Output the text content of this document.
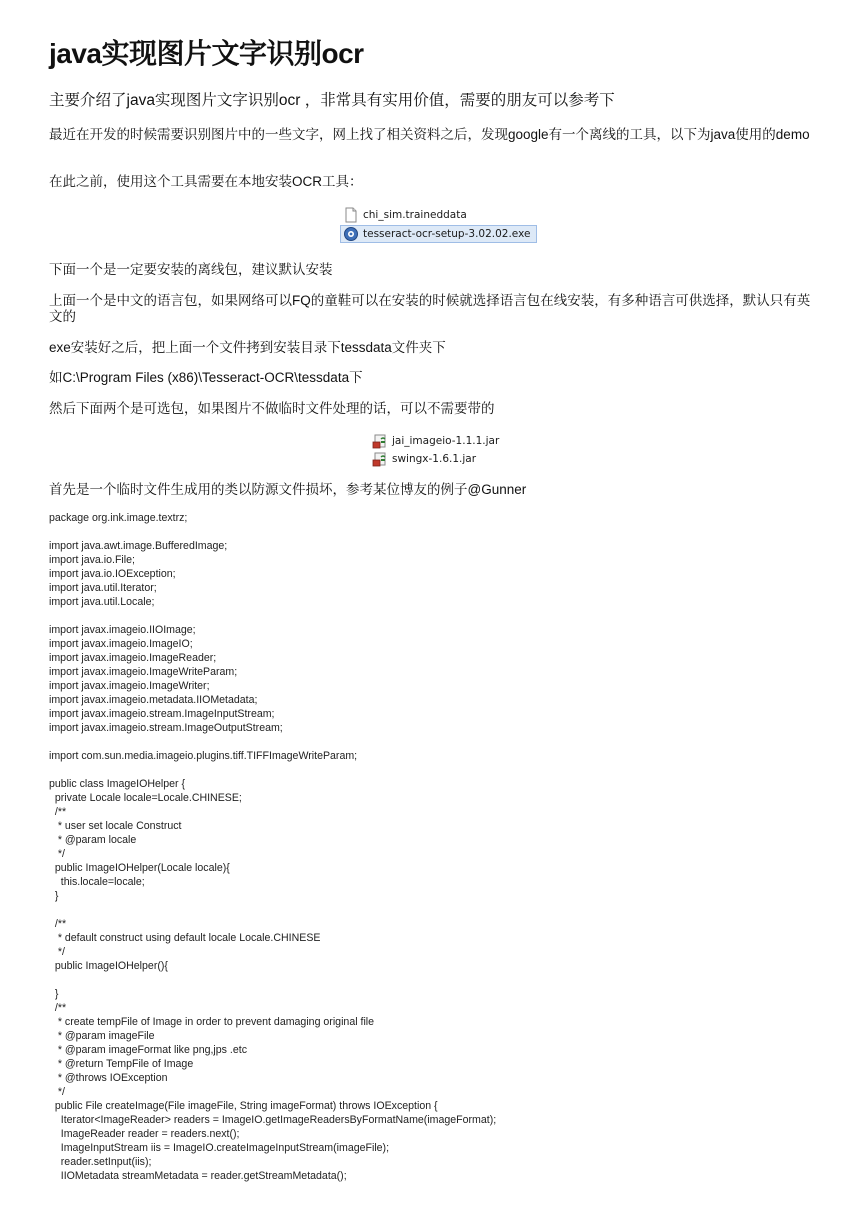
java实现图片文字识别ocr

主要介绍了java实现图片文字识别ocr ，非常具有实用价值，需要的朋友可以参考下

最近在开发的时候需要识别图片中的一些文字，网上找了相关资料之后，发现google有一个离线的工具，以下为java使用的demo

在此之前，使用这个工具需要在本地安装OCR工具：

chi_sim.traineddata
tesseract-ocr-setup-3.02.02.exe

下面一个是一定要安装的离线包，建议默认安装

上面一个是中文的语言包，如果网络可以FQ的童鞋可以在安装的时候就选择语言包在线安装，有多种语言可供选择，默认只有英文的

exe安装好之后，把上面一个文件拷到安装目录下tessdata文件夹下

如C:\Program Files (x86)\Tesseract-OCR\tessdata下

然后下面两个是可选包，如果图片不做临时文件处理的话，可以不需要带的

jai_imageio-1.1.1.jar
swingx-1.6.1.jar

首先是一个临时文件生成用的类以防源文件损坏，参考某位博友的例子@Gunner

package org.ink.image.textrz;
import java.awt.image.BufferedImage;
import java.io.File;
import java.io.IOException;
import java.util.Iterator;
import java.util.Locale;
import javax.imageio.IIOImage;
import javax.imageio.ImageIO;
import javax.imageio.ImageReader;
import javax.imageio.ImageWriteParam;
import javax.imageio.ImageWriter;
import javax.imageio.metadata.IIOMetadata;
import javax.imageio.stream.ImageInputStream;
import javax.imageio.stream.ImageOutputStream;
import com.sun.media.imageio.plugins.tiff.TIFFImageWriteParam;
public class ImageIOHelper {
private Locale locale=Locale.CHINESE;
/**
* user set locale Construct
* @param locale
*/
public ImageIOHelper(Locale locale){
this.locale=locale;
}
/**
* default construct using default locale Locale.CHINESE
*/
public ImageIOHelper(){
}
/**
* create tempFile of Image in order to prevent damaging original file
* @param imageFile
* @param imageFormat like png,jps .etc
* @return TempFile of Image
* @throws IOException
*/
public File createImage(File imageFile, String imageFormat) throws IOException {
Iterator<ImageReader> readers = ImageIO.getImageReadersByFormatName(imageFormat);
ImageReader reader = readers.next();
ImageInputStream iis = ImageIO.createImageInputStream(imageFile);
reader.setInput(iis);
IIOMetadata streamMetadata = reader.getStreamMetadata();
